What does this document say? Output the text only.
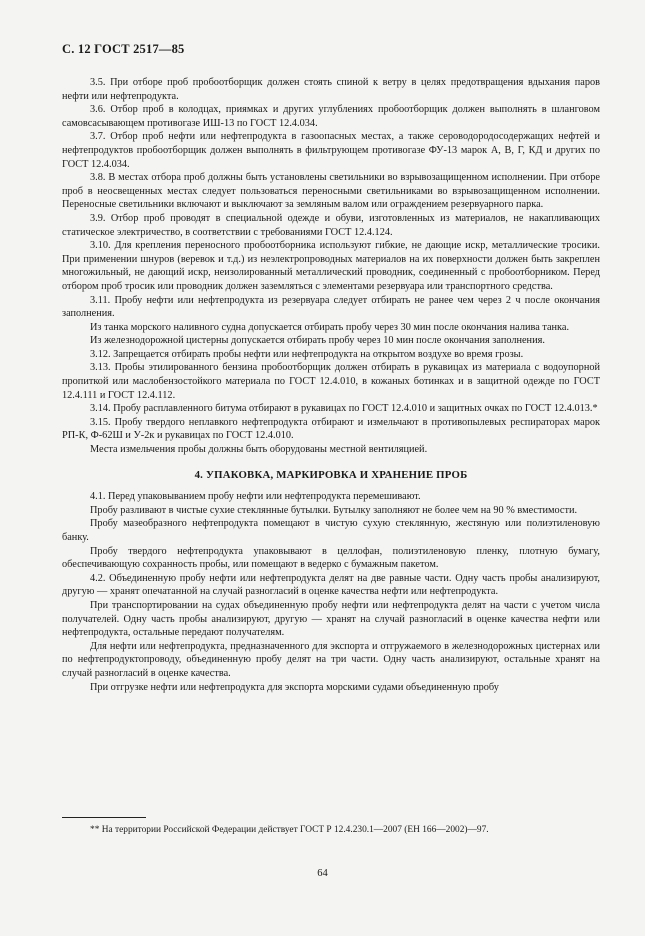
С. 12 ГОСТ 2517—85

3.5. При отборе проб пробоотборщик должен стоять спиной к ветру в целях предотвращения вдыхания паров нефти или нефтепродукта.

3.6. Отбор проб в колодцах, приямках и других углублениях пробоотборщик должен выполнять в шланговом самовсасывающем противогазе ИШ-13 по ГОСТ 12.4.034.

3.7. Отбор проб нефти или нефтепродукта в газоопасных местах, а также сероводородосодержащих нефтей и нефтепродуктов пробоотборщик должен выполнять в фильтрующем противогазе ФУ-13 марок А, В, Г, КД и других по ГОСТ 12.4.034.

3.8. В местах отбора проб должны быть установлены светильники во взрывозащищенном исполнении. При отборе проб в неосвещенных местах следует пользоваться переносными светильниками во взрывозащищенном исполнении. Переносные светильники включают и выключают за земляным валом или ограждением резервуарного парка.

3.9. Отбор проб проводят в специальной одежде и обуви, изготовленных из материалов, не накапливающих статическое электричество, в соответствии с требованиями ГОСТ 12.4.124.

3.10. Для крепления переносного пробоотборника используют гибкие, не дающие искр, металлические тросики. При применении шнуров (веревок и т.д.) из неэлектропроводных материалов на их поверхности должен быть закреплен многожильный, не дающий искр, неизолированный металлический проводник, соединенный с пробоотборником. Перед отбором проб тросик или проводник должен заземляться с элементами резервуара или транспортного средства.

3.11. Пробу нефти или нефтепродукта из резервуара следует отбирать не ранее чем через 2 ч после окончания заполнения.

Из танка морского наливного судна допускается отбирать пробу через 30 мин после окончания налива танка.

Из железнодорожной цистерны допускается отбирать пробу через 10 мин после окончания заполнения.

3.12. Запрещается отбирать пробы нефти или нефтепродукта на открытом воздухе во время грозы.

3.13. Пробы этилированного бензина пробоотборщик должен отбирать в рукавицах из материала с водоупорной пропиткой или маслобензостойкого материала по ГОСТ 12.4.010, в кожаных ботинках и в защитной одежде по ГОСТ 12.4.111 и ГОСТ 12.4.112.

3.14. Пробу расплавленного битума отбирают в рукавицах по ГОСТ 12.4.010 и защитных очках по ГОСТ 12.4.013.*

3.15. Пробу твердого неплавкого нефтепродукта отбирают и измельчают в противопылевых респираторах марок РП-К, Ф-62Ш и У-2к и рукавицах по ГОСТ 12.4.010.

Места измельчения пробы должны быть оборудованы местной вентиляцией.

4. УПАКОВКА, МАРКИРОВКА И ХРАНЕНИЕ ПРОБ

4.1. Перед упаковыванием пробу нефти или нефтепродукта перемешивают.

Пробу разливают в чистые сухие стеклянные бутылки. Бутылку заполняют не более чем на 90 % вместимости.

Пробу мазеобразного нефтепродукта помещают в чистую сухую стеклянную, жестяную или полиэтиленовую банку.

Пробу твердого нефтепродукта упаковывают в целлофан, полиэтиленовую пленку, плотную бумагу, обеспечивающую сохранность пробы, или помещают в ведерко с бумажным пакетом.

4.2. Объединенную пробу нефти или нефтепродукта делят на две равные части. Одну часть пробы анализируют, другую — хранят опечатанной на случай разногласий в оценке качества нефти или нефтепродукта.

При транспортировании на судах объединенную пробу нефти или нефтепродукта делят на части с учетом числа получателей. Одну часть пробы анализируют, другую — хранят на случай разногласий в оценке качества нефти или нефтепродукта, остальные передают получателям.

Для нефти или нефтепродукта, предназначенного для экспорта и отгружаемого в железнодорожных цистернах или по нефтепродуктопроводу, объединенную пробу делят на три части. Одну часть анализируют, остальные хранят на случай разногласий в оценке качества.

При отгрузке нефти или нефтепродукта для экспорта морскими судами объединенную пробу

** На территории Российской Федерации действует ГОСТ Р 12.4.230.1—2007 (ЕН 166—2002)—97.
64
